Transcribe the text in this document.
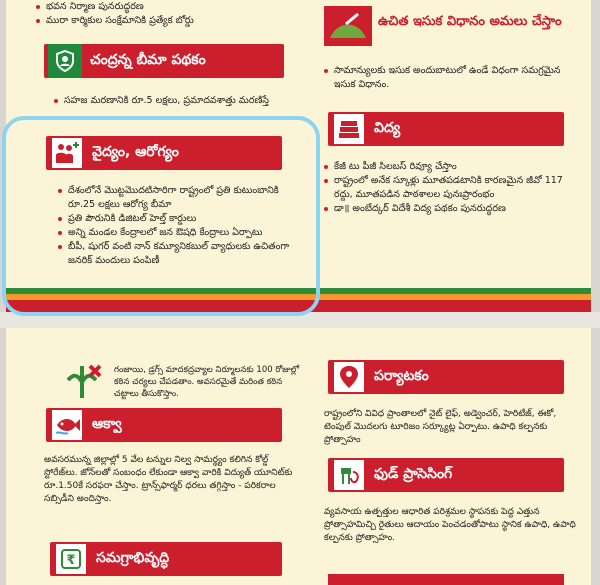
భవన నిర్మాణ పునరుద్ధరణ
మురా కార్మికుల సంక్షేమానికి ప్రత్యేక బోర్డు
చంద్రన్న బీమా పథకం
సహజ మరణానికి రూ.5 లక్షలు, ప్రమాదవశాత్తు మరణిస్తే
వైద్యం, ఆరోగ్యం
దేశంలోనే మొట్టమొదటిసారిగా రాష్ట్రంలో ప్రతి కుటుంబానికి రూ.25 లక్షలు ఆరోగ్య బీమా
ప్రతి పౌరునికి డిజిటల్ హెల్త్ కార్డులు
అన్ని మండల కేంద్రాలలో జన ఔషధి కేంద్రాలు ఏర్పాటు
బీపీ, షుగర్ వంటి నాన్ కమ్యూనికబుల్ వ్యాధులకు ఉచితంగా జనరిక్ మందులు పంపిణీ
ఉచిత ఇసుక విధానం అమలు చేస్తాం
సామాన్యులకు ఇసుక అందుబాటులో ఉండే విధంగా సమగ్రమైన ఇసుక విధానం.
విద్య
కేజీ టు పీజీ సిలబస్‌ రివ్యూ చేస్తాం
రాష్ట్రంలో అనేక స్కూళ్లు మూతపడటానికి కారణమైన జీవో 117 రద్దు, మూతపడిన పాఠశాలల పునఃప్రారంభం
డా॥ అంబేద్కర్ విదేశీ విద్య పథకం పునరుద్ధరణ
గంజాయి, డ్రగ్స్ మాదకద్రవ్యాల నిర్మూలనకు 100 రోజుల్లో కఠిన చర్యలు చేపడతాం. అవసరమైతే మరింత కఠిన చట్టాలు తీసుకొస్తాం.
ఆక్వా
అవసరమున్న జిల్లాల్లో 5 వేల టన్నుల నిల్వ సామర్థ్యం కలిగిన కోల్డ్ స్టోరేజ్‌లు. జోన్‌లతో సంబంధం లేకుండా ఆక్వా వారికి విద్యుత్ యూనిట్‌కు రూ.1.50కే సరఫరా చేస్తాం. ట్రాన్స్‌ఫార్మర్ ధరలు తగ్గిస్తాం - పరికరాల సబ్సిడీని అందిస్తాం.
₹ సమగ్రాభివృద్ధి
పర్యాటకం
రాష్ట్రంలోని వివిధ ప్రాంతాలలో నైట్ లైఫ్, అడ్వెంచర్, హెరిటేజ్, ఈకో, టెంపుల్ మొదలగు టూరిజం సర్క్యూట్ల ఏర్పాటు. ఉపాధి కల్పనకు ప్రోత్సాహం
ఫుడ్ ప్రాసెసింగ్
వ్యవసాయ ఉత్పత్తుల ఆధారిత పరిశ్రమల స్థాపనకు పెద్ద ఎత్తున ప్రోత్సాహమిచ్చి రైతులు ఆదాయం పెంచడంతోపాటు స్థానిక ఉపాధి, ఉపాధి కల్పనకు ప్రోత్సాహం.
